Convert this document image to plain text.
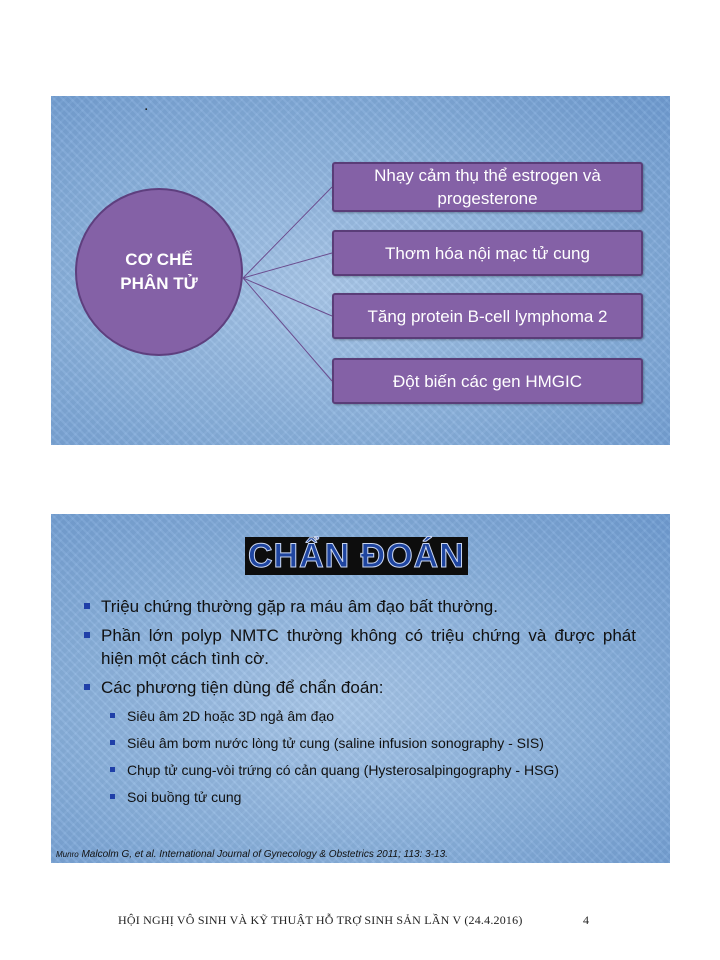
.
CƠ CHẾ
PHÂN TỬ
Nhạy cảm thụ thể estrogen và progesterone
Thơm hóa nội mạc tử cung
Tăng protein B-cell lymphoma 2
Đột biến các gen HMGIC
CHẨN ĐOÁN
Triệu chứng thường gặp ra máu âm đạo bất thường.
Phần lớn polyp NMTC thường không có triệu chứng và được phát hiện một cách tình cờ.
Các phương tiện dùng để chẩn đoán:
Siêu âm 2D hoặc 3D ngả âm đạo
Siêu âm bơm nước lòng tử cung (saline infusion sonography - SIS)
Chụp tử cung-vòi trứng có cản quang (Hysterosalpingography - HSG)
Soi buồng tử cung
Munro Malcolm G, et al. International Journal of Gynecology & Obstetrics 2011; 113: 3-13.
HỘI NGHỊ VÔ SINH VÀ KỸ THUẬT HỖ TRỢ SINH SẢN LẦN V (24.4.2016)	4
